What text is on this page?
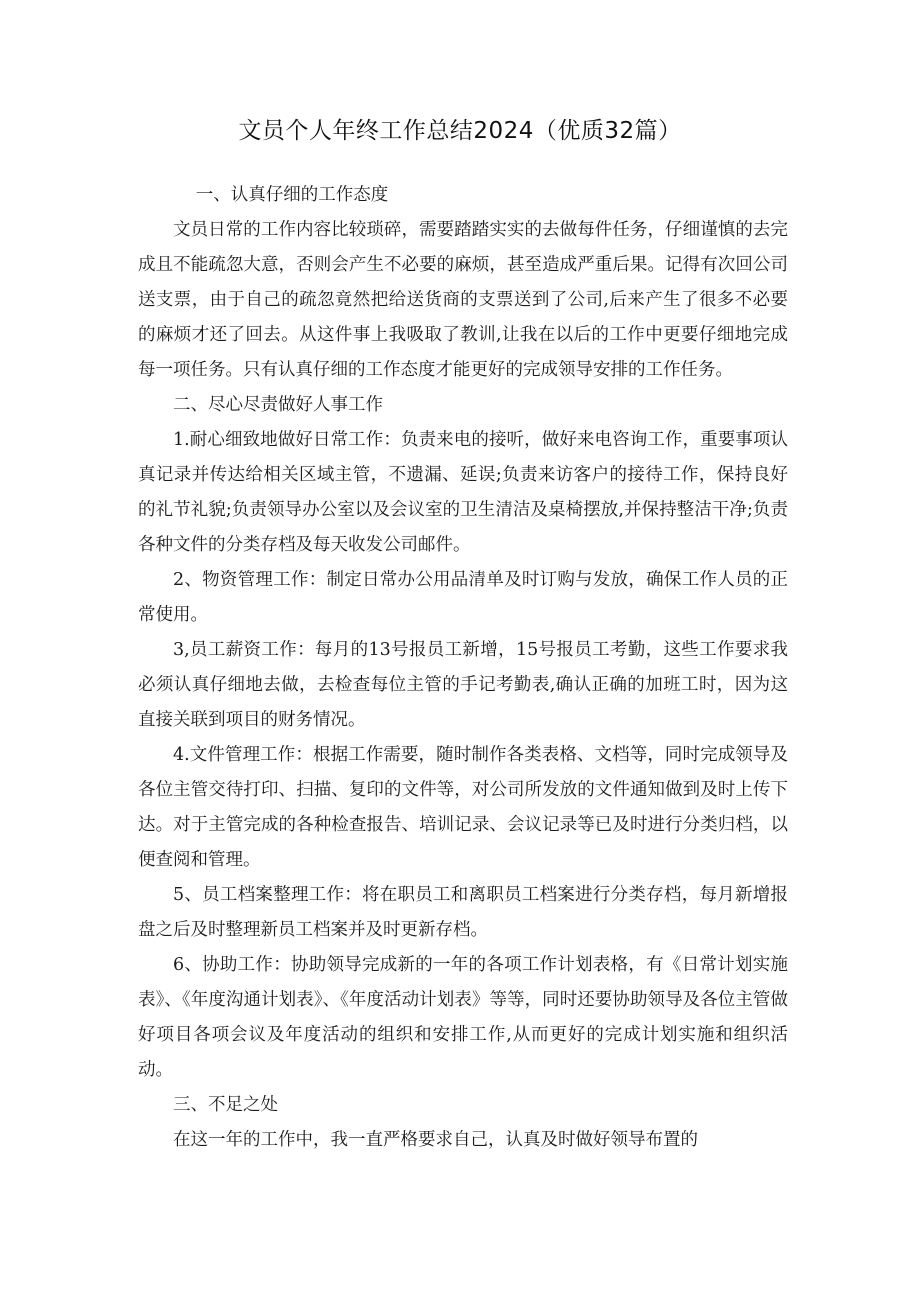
文员个人年终工作总结2024（优质32篇）

一、认真仔细的工作态度

文员日常的工作内容比较琐碎，需要踏踏实实的去做每件任务，仔细谨慎的去完成且不能疏忽大意，否则会产生不必要的麻烦，甚至造成严重后果。记得有次回公司送支票，由于自己的疏忽竟然把给送货商的支票送到了公司,后来产生了很多不必要的麻烦才还了回去。从这件事上我吸取了教训,让我在以后的工作中更要仔细地完成每一项任务。只有认真仔细的工作态度才能更好的完成领导安排的工作任务。

二、尽心尽责做好人事工作

1.耐心细致地做好日常工作：负责来电的接听，做好来电咨询工作，重要事项认真记录并传达给相关区域主管，不遗漏、延误;负责来访客户的接待工作，保持良好的礼节礼貌;负责领导办公室以及会议室的卫生清洁及桌椅摆放,并保持整洁干净;负责各种文件的分类存档及每天收发公司邮件。

2、物资管理工作：制定日常办公用品清单及时订购与发放，确保工作人员的正常使用。

3,员工薪资工作：每月的13号报员工新增，15号报员工考勤，这些工作要求我必须认真仔细地去做，去检查每位主管的手记考勤表,确认正确的加班工时，因为这直接关联到项目的财务情况。

4.文件管理工作：根据工作需要，随时制作各类表格、文档等，同时完成领导及各位主管交待打印、扫描、复印的文件等，对公司所发放的文件通知做到及时上传下达。对于主管完成的各种检查报告、培训记录、会议记录等已及时进行分类归档，以便查阅和管理。

5、员工档案整理工作：将在职员工和离职员工档案进行分类存档，每月新增报盘之后及时整理新员工档案并及时更新存档。

6、协助工作：协助领导完成新的一年的各项工作计划表格，有《日常计划实施表》、《年度沟通计划表》、《年度活动计划表》等等，同时还要协助领导及各位主管做好项目各项会议及年度活动的组织和安排工作,从而更好的完成计划实施和组织活动。

三、不足之处

在这一年的工作中，我一直严格要求自己，认真及时做好领导布置的
